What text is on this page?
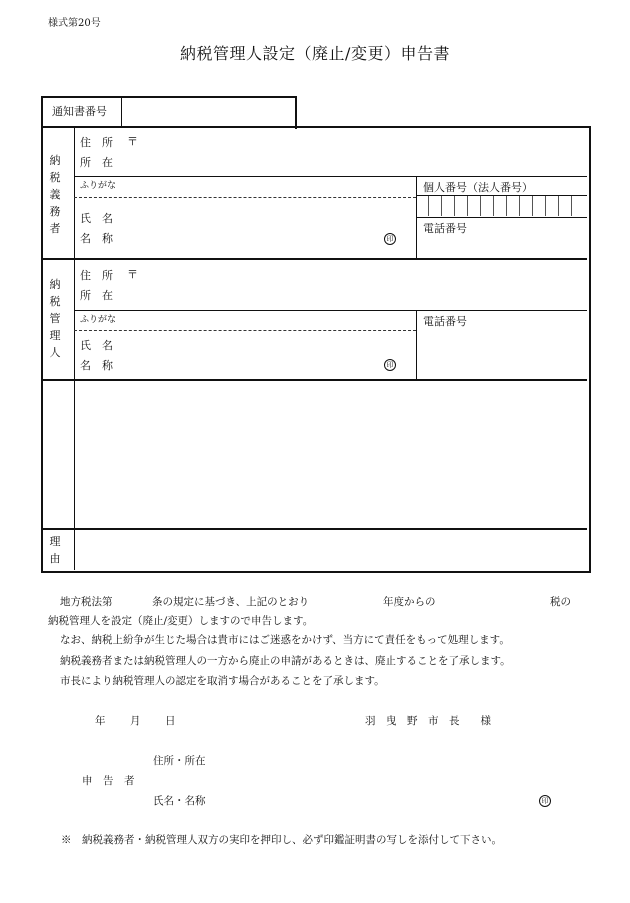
様式第20号
納税管理人設定（廃止/変更）申告書
通知書番号
納
税
義
務
者
住　所 〒
所　在
ふりがな
氏　名
名　称	印
個人番号（法人番号）
電話番号
納
税
管
理
人
住　所 〒
所　在
ふりがな
氏　名
名　称	印
電話番号
理
由
地方税法第	条の規定に基づき、上記のとおり	年度からの	税の
納税管理人を設定（廃止/変更）しますので申告します。
なお、納税上紛争が生じた場合は貴市にはご迷惑をかけず、当方にて責任をもって処理します。
納税義務者または納税管理人の一方から廃止の申請があるときは、廃止することを了承します。
市長により納税管理人の認定を取消す場合があることを了承します。
年 月 日	羽　曳　野　市　長　　様
住所・所在
申　告　者
氏名・名称	印
※　納税義務者・納税管理人双方の実印を押印し、必ず印鑑証明書の写しを添付して下さい。
